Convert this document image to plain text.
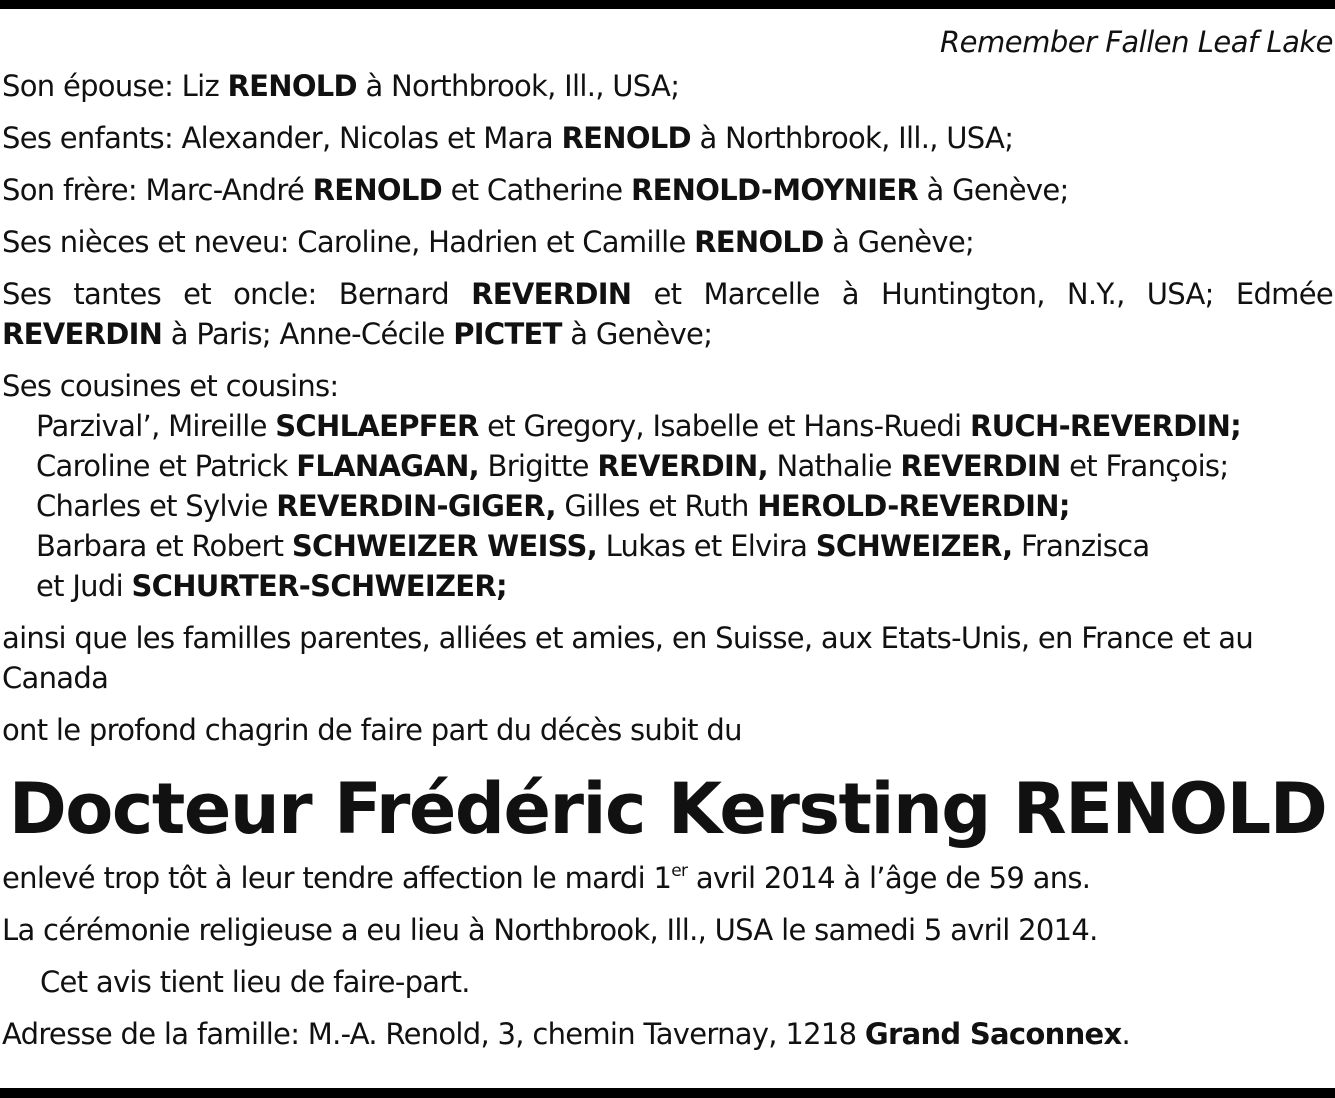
Remember Fallen Leaf Lake
Son épouse: Liz RENOLD à Northbrook, Ill., USA;
Ses enfants: Alexander, Nicolas et Mara RENOLD à Northbrook, Ill., USA;
Son frère: Marc-André RENOLD et Catherine RENOLD-MOYNIER à Genève;
Ses nièces et neveu: Caroline, Hadrien et Camille RENOLD à Genève;
Ses tantes et oncle: Bernard REVERDIN et Marcelle à Huntington, N.Y., USA; Edmée REVERDIN à Paris; Anne-Cécile PICTET à Genève;
Ses cousines et cousins:
Parzival’, Mireille SCHLAEPFER et Gregory, Isabelle et Hans-Ruedi RUCH-REVERDIN;
Caroline et Patrick FLANAGAN, Brigitte REVERDIN, Nathalie REVERDIN et François;
Charles et Sylvie REVERDIN-GIGER, Gilles et Ruth HEROLD-REVERDIN;
Barbara et Robert SCHWEIZER WEISS, Lukas et Elvira SCHWEIZER, Franzisca
et Judi SCHURTER-SCHWEIZER;
ainsi que les familles parentes, alliées et amies, en Suisse, aux Etats-Unis, en France et au Canada
ont le profond chagrin de faire part du décès subit du
Docteur Frédéric Kersting RENOLD
enlevé trop tôt à leur tendre affection le mardi 1er avril 2014 à l’âge de 59 ans.
La cérémonie religieuse a eu lieu à Northbrook, Ill., USA le samedi 5 avril 2014.
Cet avis tient lieu de faire-part.
Adresse de la famille: M.-A. Renold, 3, chemin Tavernay, 1218 Grand Saconnex.
